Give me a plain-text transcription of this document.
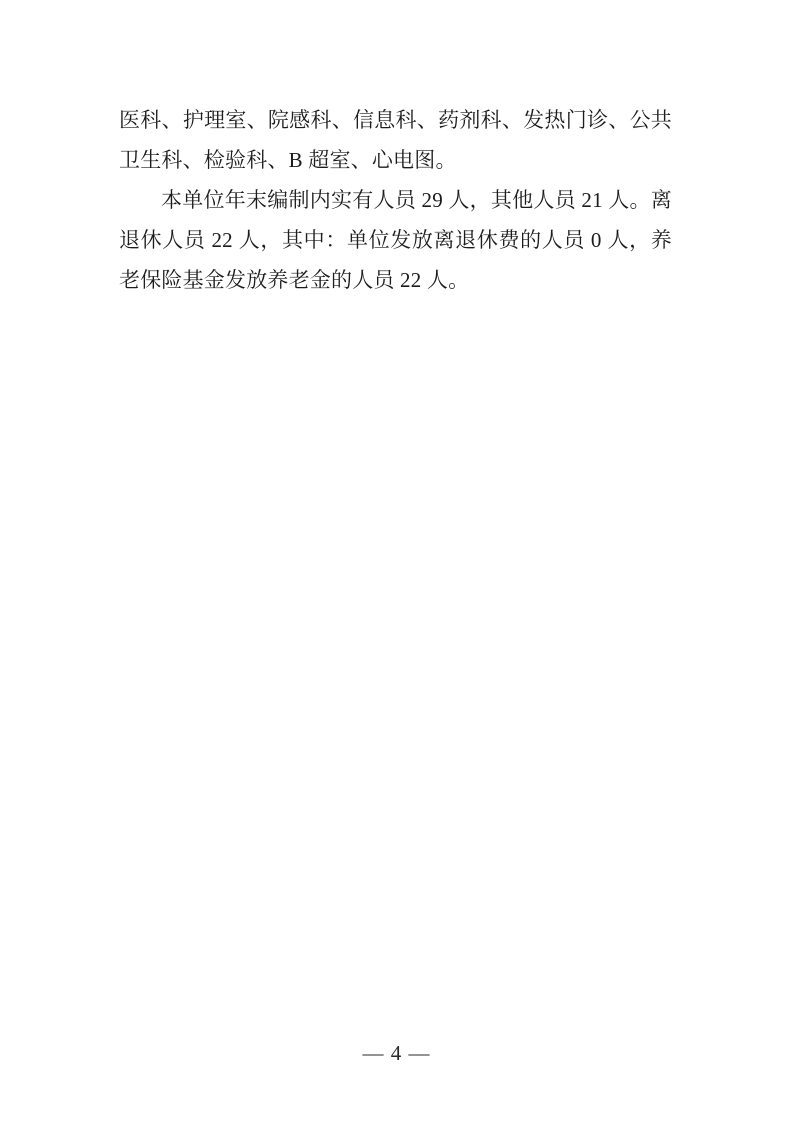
医科、护理室、院感科、信息科、药剂科、发热门诊、公共
卫生科、检验科、B 超室、心电图。
本单位年末编制内实有人员 29 人，其他人员 21 人。离
退休人员 22 人，其中：单位发放离退休费的人员 0 人，养
老保险基金发放养老金的人员 22 人。
— 4 —
